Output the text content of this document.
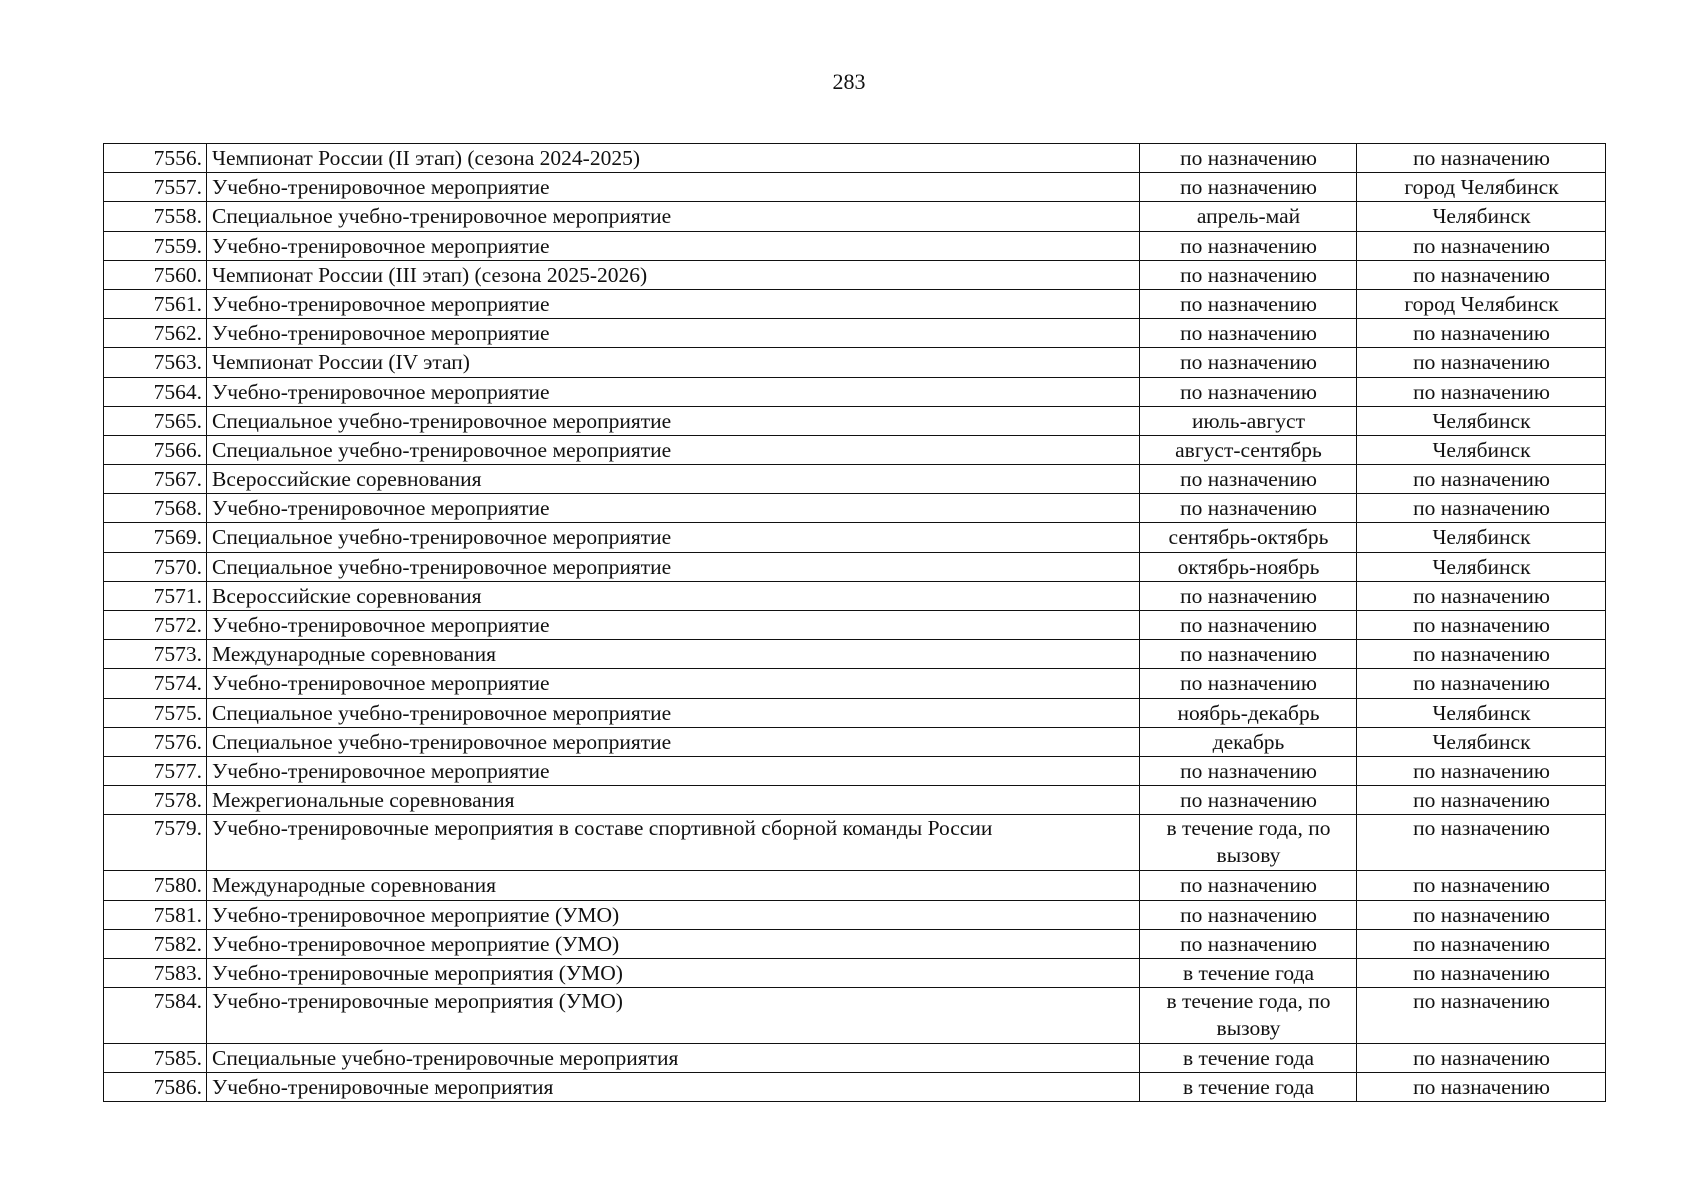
283
7556.	Чемпионат России (II этап) (сезона 2024-2025)	по назначению	по назначению
7557.	Учебно-тренировочное мероприятие	по назначению	город Челябинск
7558.	Специальное учебно-тренировочное мероприятие	апрель-май	Челябинск
7559.	Учебно-тренировочное мероприятие	по назначению	по назначению
7560.	Чемпионат России (III этап) (сезона 2025-2026)	по назначению	по назначению
7561.	Учебно-тренировочное мероприятие	по назначению	город Челябинск
7562.	Учебно-тренировочное мероприятие	по назначению	по назначению
7563.	Чемпионат России (IV этап)	по назначению	по назначению
7564.	Учебно-тренировочное мероприятие	по назначению	по назначению
7565.	Специальное учебно-тренировочное мероприятие	июль-август	Челябинск
7566.	Специальное учебно-тренировочное мероприятие	август-сентябрь	Челябинск
7567.	Всероссийские соревнования	по назначению	по назначению
7568.	Учебно-тренировочное мероприятие	по назначению	по назначению
7569.	Специальное учебно-тренировочное мероприятие	сентябрь-октябрь	Челябинск
7570.	Специальное учебно-тренировочное мероприятие	октябрь-ноябрь	Челябинск
7571.	Всероссийские соревнования	по назначению	по назначению
7572.	Учебно-тренировочное мероприятие	по назначению	по назначению
7573.	Международные соревнования	по назначению	по назначению
7574.	Учебно-тренировочное мероприятие	по назначению	по назначению
7575.	Специальное учебно-тренировочное мероприятие	ноябрь-декабрь	Челябинск
7576.	Специальное учебно-тренировочное мероприятие	декабрь	Челябинск
7577.	Учебно-тренировочное мероприятие	по назначению	по назначению
7578.	Межрегиональные соревнования	по назначению	по назначению
7579.	Учебно-тренировочные мероприятия в составе спортивной сборной команды России	в течение года, по вызову	по назначению
7580.	Международные соревнования	по назначению	по назначению
7581.	Учебно-тренировочное мероприятие (УМО)	по назначению	по назначению
7582.	Учебно-тренировочное мероприятие (УМО)	по назначению	по назначению
7583.	Учебно-тренировочные мероприятия (УМО)	в течение года	по назначению
7584.	Учебно-тренировочные мероприятия (УМО)	в течение года, по вызову	по назначению
7585.	Специальные учебно-тренировочные мероприятия	в течение года	по назначению
7586.	Учебно-тренировочные мероприятия	в течение года	по назначению
